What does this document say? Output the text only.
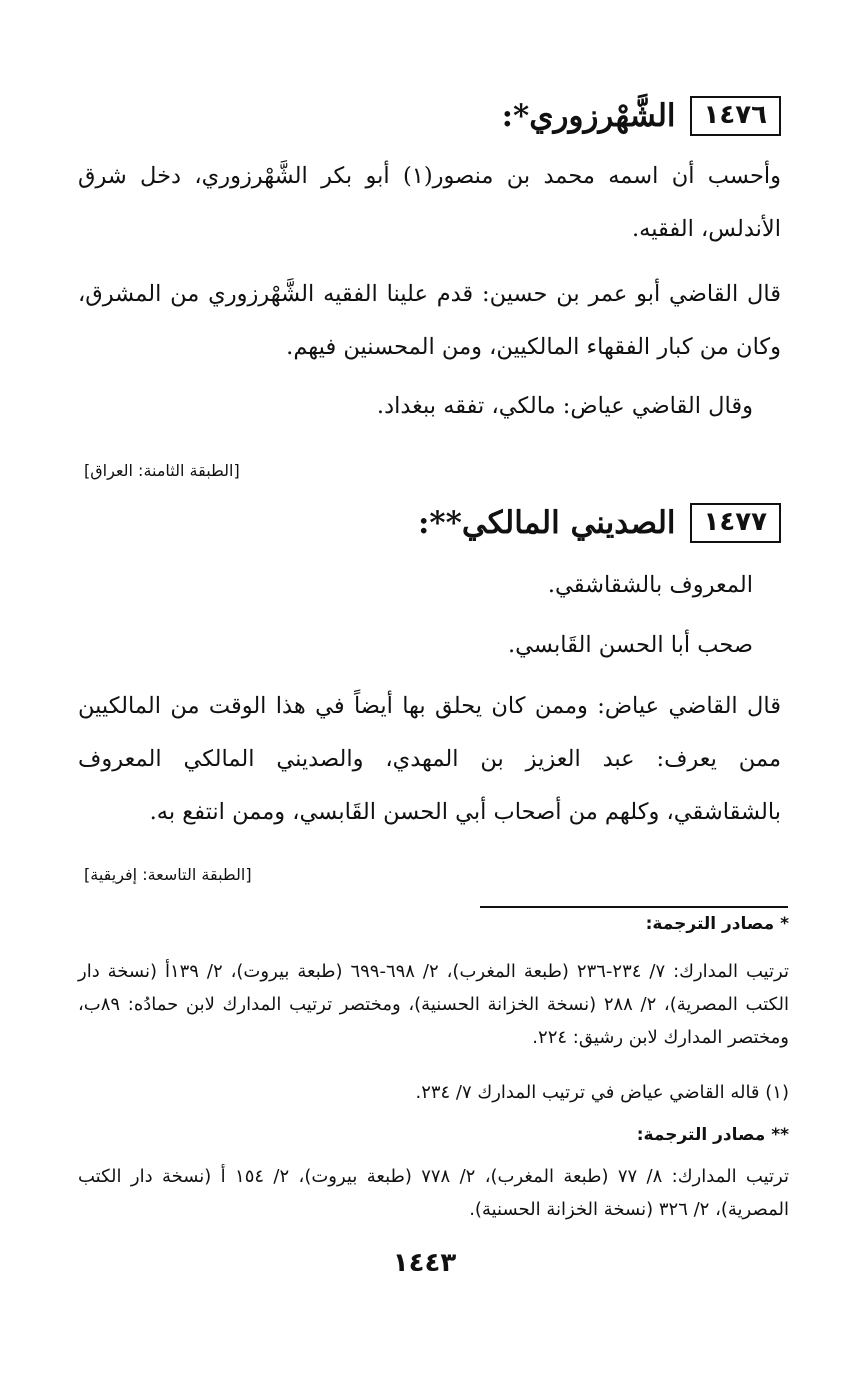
١٤٧٦
الشَّهْرزوري*:

وأحسب أن اسمه محمد بن منصور(١) أبو بكر الشَّهْرزوري، دخل شرق الأندلس، الفقيه.

قال القاضي أبو عمر بن حسين: قدم علينا الفقيه الشَّهْرزوري من المشرق، وكان من كبار الفقهاء المالكيين، ومن المحسنين فيهم.

وقال القاضي عياض: مالكي، تفقه ببغداد.
[الطبقة الثامنة: العراق]
١٤٧٧
الصديني المالكي**:
المعروف بالشقاشقي.
صحب أبا الحسن القَابسي.

قال القاضي عياض: وممن كان يحلق بها أيضاً في هذا الوقت من المالكيين ممن يعرف: عبد العزيز بن المهدي، والصديني المالكي المعروف بالشقاشقي، وكلهم من أصحاب أبي الحسن القَابسي، وممن انتفع به.

[الطبقة التاسعة: إفريقية]
* مصادر الترجمة:

ترتيب المدارك: ٧/ ٢٣٤-٢٣٦ (طبعة المغرب)، ٢/ ٦٩٨-٦٩٩ (طبعة بيروت)، ٢/ ١٣٩أ (نسخة دار الكتب المصرية)، ٢/ ٢٨٨ (نسخة الخزانة الحسنية)، ومختصر ترتيب المدارك لابن حمادُه: ٨٩ب، ومختصر المدارك لابن رشيق: ٢٢٤.

(١) قاله القاضي عياض في ترتيب المدارك ٧/ ٢٣٤.
** مصادر الترجمة:

ترتيب المدارك: ٨/ ٧٧ (طبعة المغرب)، ٢/ ٧٧٨ (طبعة بيروت)، ٢/ ١٥٤ أ (نسخة دار الكتب المصرية)، ٢/ ٣٢٦ (نسخة الخزانة الحسنية).

١٤٤٣
